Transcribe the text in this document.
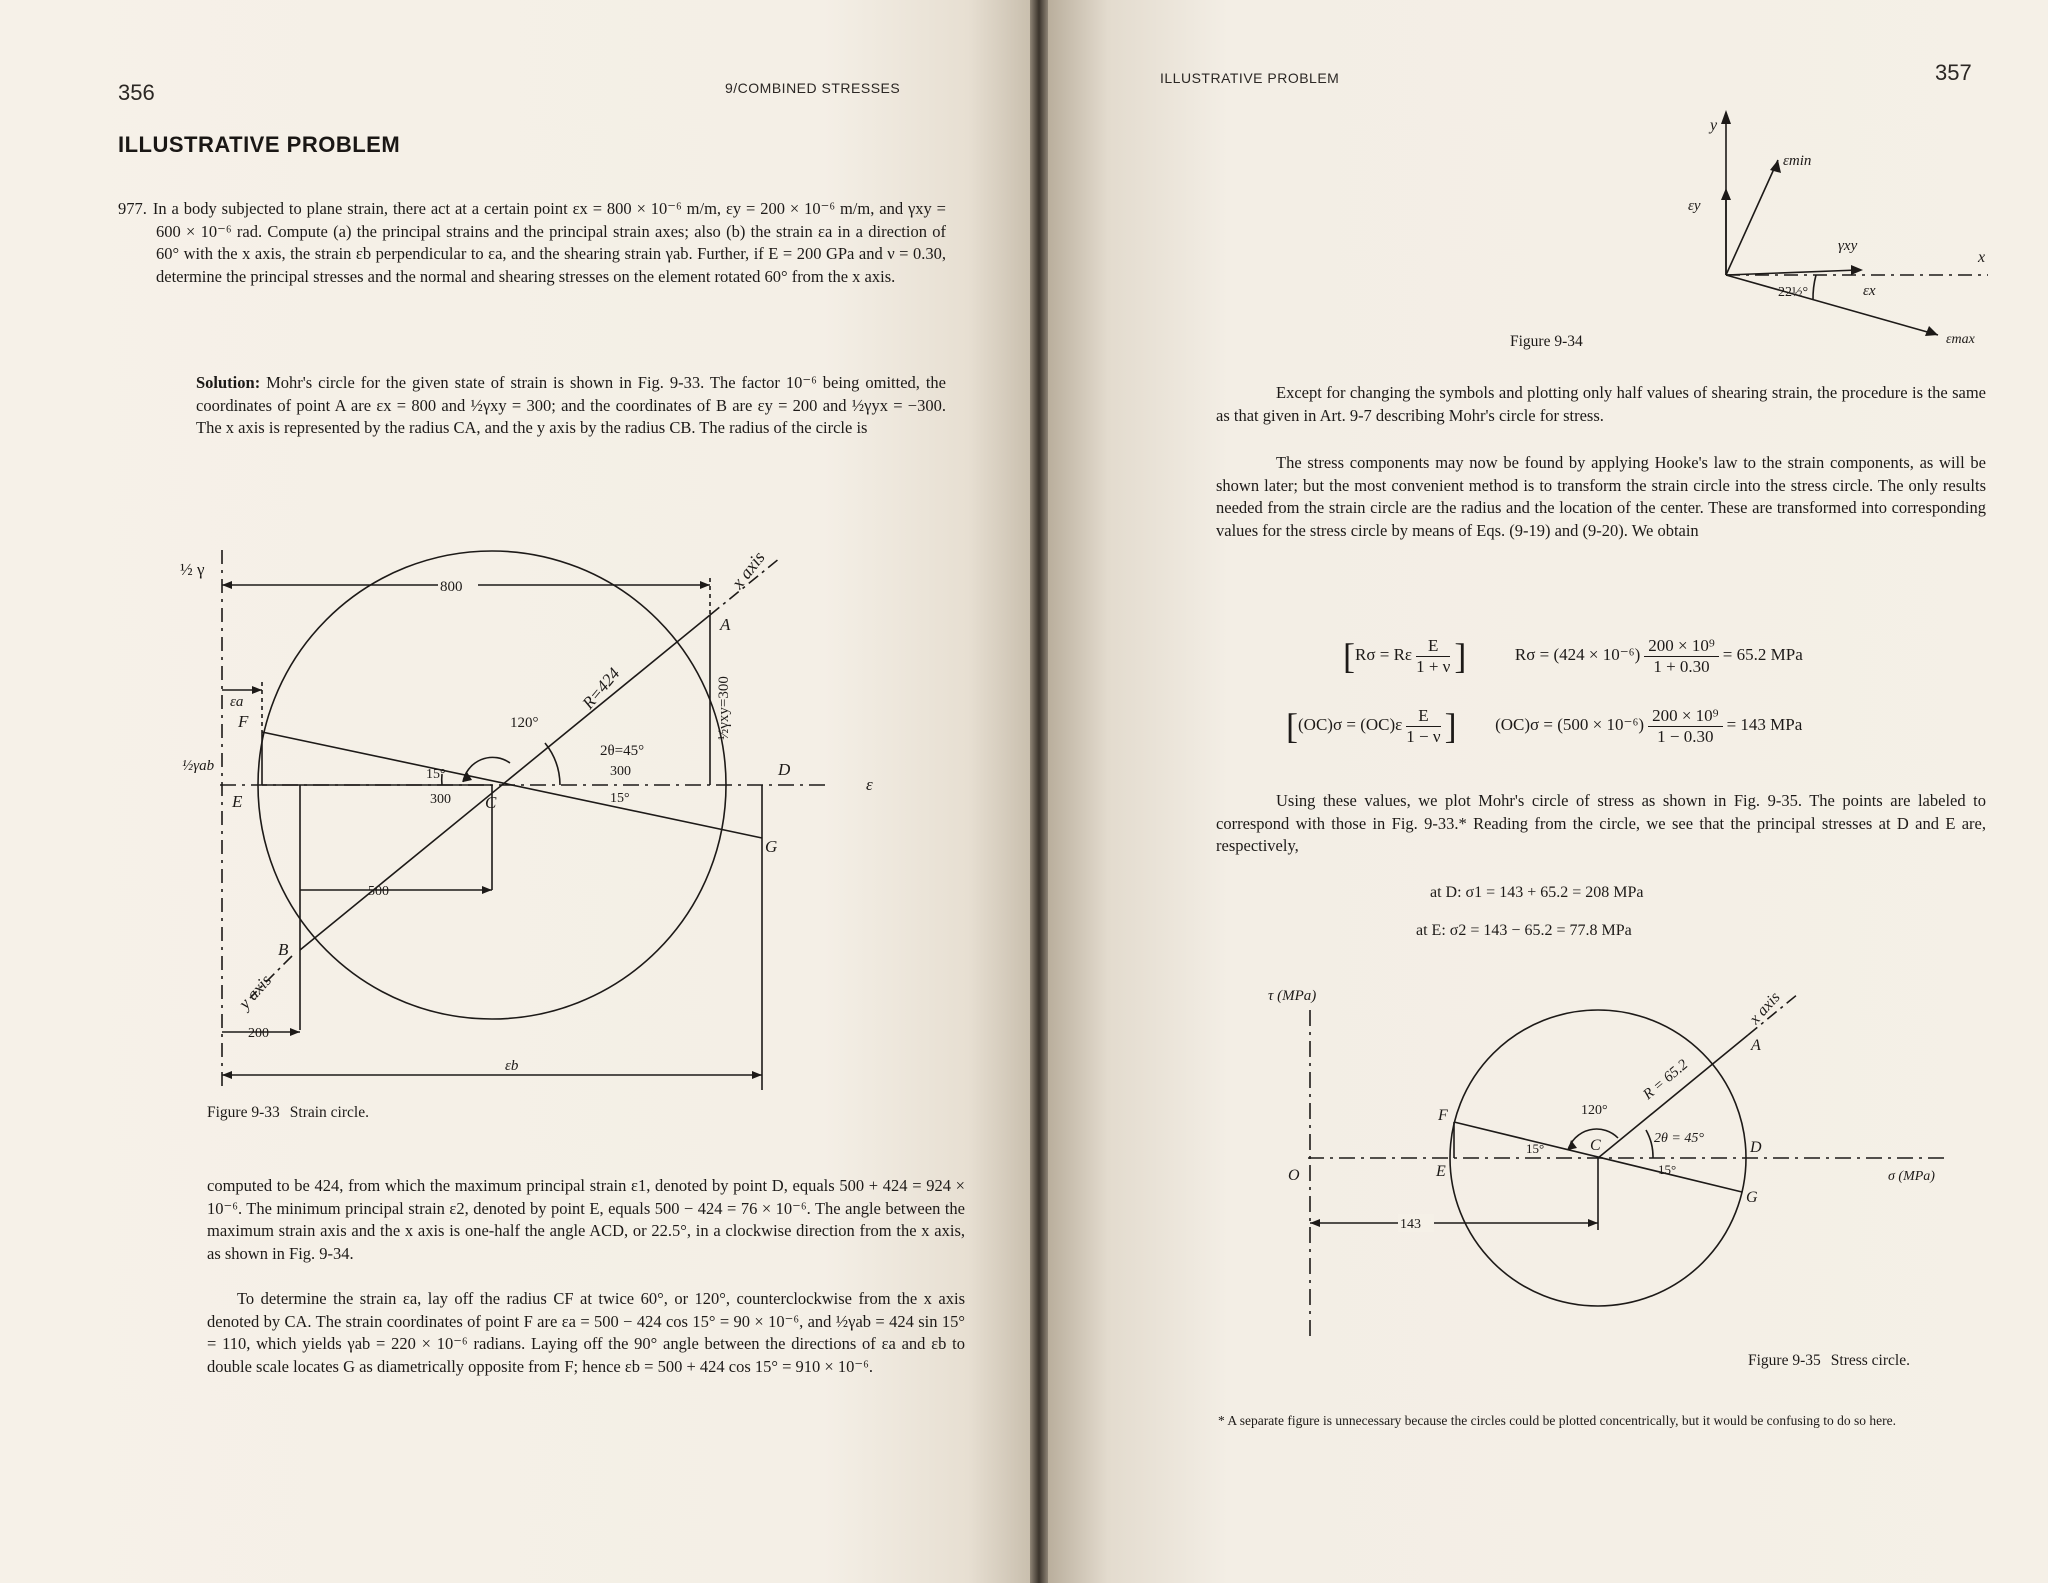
356	9/COMBINED STRESSES
ILLUSTRATIVE PROBLEM

977. In a body subjected to plane strain, there act at a certain point εx = 800 × 10⁻⁶ m/m, εy = 200 × 10⁻⁶ m/m, and γxy = 600 × 10⁻⁶ rad. Compute (a) the principal strains and the principal strain axes; also (b) the strain εa in a direction of 60° with the x axis, the strain εb perpendicular to εa, and the shearing strain γab. Further, if E = 200 GPa and ν = 0.30, determine the principal stresses and the normal and shearing stresses on the element rotated 60° from the x axis.

Solution: Mohr's circle for the given state of strain is shown in Fig. 9-33. The factor 10⁻⁶ being omitted, the coordinates of point A are εx = 800 and ½γxy = 300; and the coordinates of B are εy = 200 and ½γyx = −300. The x axis is represented by the radius CA, and the y axis by the radius CB. The radius of the circle is

½ γ
800	x axis
A
R=424	½γxy=300
120°
2θ=45°
300
15°
15°
300 C
D
G
F
E
εa
½γab
ε
500
B
y axis
200
εb
Figure 9-33 Strain circle.

computed to be 424, from which the maximum principal strain ε1, denoted by point D, equals 500 + 424 = 924 × 10⁻⁶. The minimum principal strain ε2, denoted by point E, equals 500 − 424 = 76 × 10⁻⁶. The angle between the maximum strain axis and the x axis is one-half the angle ACD, or 22.5°, in a clockwise direction from the x axis, as shown in Fig. 9-34.

To determine the strain εa, lay off the radius CF at twice 60°, or 120°, counterclockwise from the x axis denoted by CA. The strain coordinates of point F are εa = 500 − 424 cos 15° = 90 × 10⁻⁶, and ½γab = 424 sin 15° = 110, which yields γab = 220 × 10⁻⁶ radians. Laying off the 90° angle between the directions of εa and εb to double scale locates G as diametrically opposite from F; hence εb = 500 + 424 cos 15° = 910 × 10⁻⁶.

ILLUSTRATIVE PROBLEM	357
y
x
εmin
εy
γxy
22½°	εx
εmax
Figure 9-34

Except for changing the symbols and plotting only half values of shearing strain, the procedure is the same as that given in Art. 9-7 describing Mohr's circle for stress.

The stress components may now be found by applying Hooke's law to the strain components, as will be shown later; but the most convenient method is to transform the strain circle into the stress circle. The only results needed from the strain circle are the radius and the location of the center. These are transformed into corresponding values for the stress circle by means of Eqs. (9-19) and (9-20). We obtain

[Rσ = Rε $\frac{E}{1 + \nu}$ ]	$R\sigma = (424 \times 10^{-6}) \frac{\text{200 × 10⁹}}{1 + 0.30} = 65.2$ MPa
[$(OC)\sigma = (OC)\varepsilon \frac{E}{1 - \nu}$ ] $(OC)\sigma = (500 \times 10^{-6}) \frac{\text{200 × 10⁹}}{1 - 0.30} = 143$ MPa

Using these values, we plot Mohr's circle of stress as shown in Fig. 9-35. The points are labeled to correspond with those in Fig. 9-33.* Reading from the circle, we see that the principal stresses at D and E are, respectively,

at D: σ1 = 143 + 65.2 = 208 MPa
at E: σ2 = 143 − 65.2 = 77.8 MPa
τ (MPa)
O
x axis
A
R = 65.2
120°
2θ = 45°
15°
15°
C	D
E
F
G
σ (MPa)
143
Figure 9-35 Stress circle.

* A separate figure is unnecessary because the circles could be plotted concentrically, but it would be confusing to do so here.
